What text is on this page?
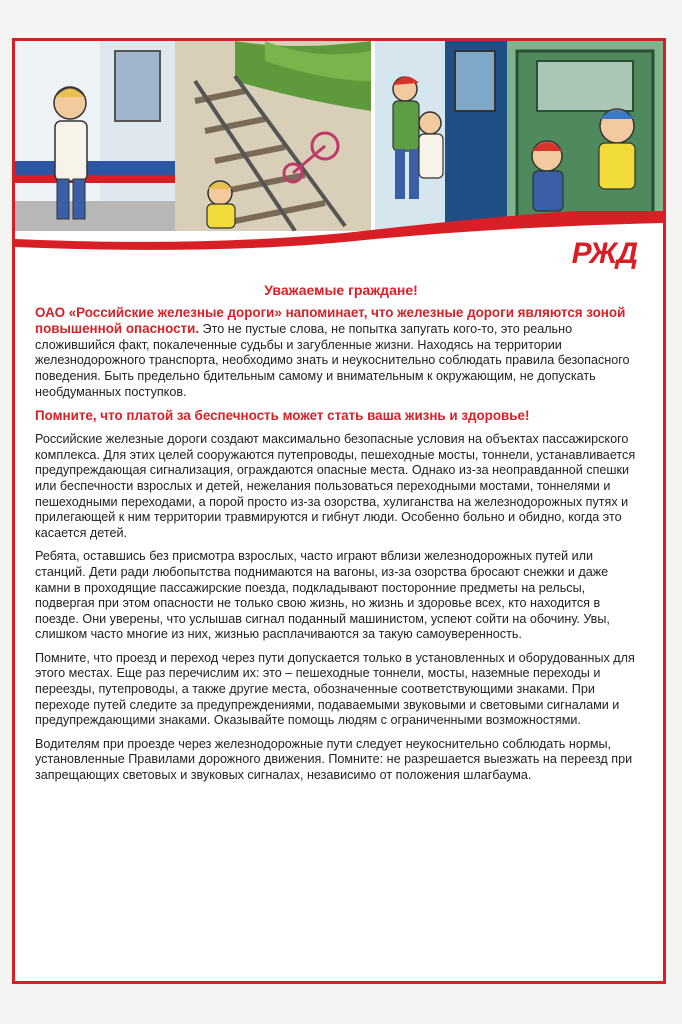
РЖД

Уважаемые граждане!

ОАО «Российские железные дороги» напоминает, что железные дороги являются зоной повышенной опасности. Это не пустые слова, не попытка запугать кого-то, это реально сложившийся факт, покалеченные судьбы и загубленные жизни. Находясь на территории железнодорожного транспорта, необходимо знать и неукоснительно соблюдать правила безопасного поведения. Быть предельно бдительным самому и внимательным к окружающим, не допускать необдуманных поступков.

Помните, что платой за беспечность может стать ваша жизнь и здоровье!

Российские железные дороги создают максимально безопасные условия на объектах пассажирского комплекса. Для этих целей сооружаются путепроводы, пешеходные мосты, тоннели, устанавливается предупреждающая сигнализация, ограждаются опасные места. Однако из-за неоправданной спешки или беспечности взрослых и детей, нежелания пользоваться переходными мостами, тоннелями и пешеходными переходами, а порой просто из-за озорства, хулиганства на железнодорожных путях и прилегающей к ним территории травмируются и гибнут люди. Особенно больно и обидно, когда это касается детей.

Ребята, оставшись без присмотра взрослых, часто играют вблизи железнодорожных путей или станций. Дети ради любопытства поднимаются на вагоны, из-за озорства бросают снежки и даже камни в проходящие пассажирские поезда, подкладывают посторонние предметы на рельсы, подвергая при этом опасности не только свою жизнь, но жизнь и здоровье всех, кто находится в поезде. Они уверены, что услышав сигнал поданный машинистом, успеют сойти на обочину. Увы, слишком часто многие из них, жизнью расплачиваются за такую самоуверенность.

Помните, что проезд и переход через пути допускается только в установленных и оборудованных для этого местах. Еще раз перечислим их: это – пешеходные тоннели, мосты, наземные переходы и переезды, путепроводы, а также другие места, обозначенные соответствующими знаками. При переходе путей следите за предупреждениями, подаваемыми звуковыми и световыми сигналами и предупреждающими знаками. Оказывайте помощь людям с ограниченными возможностями.

Водителям при проезде через железнодорожные пути следует неукоснительно соблюдать нормы, установленные Правилами дорожного движения. Помните: не разрешается выезжать на переезд при запрещающих световых и звуковых сигналах, независимо от положения шлагбаума.
